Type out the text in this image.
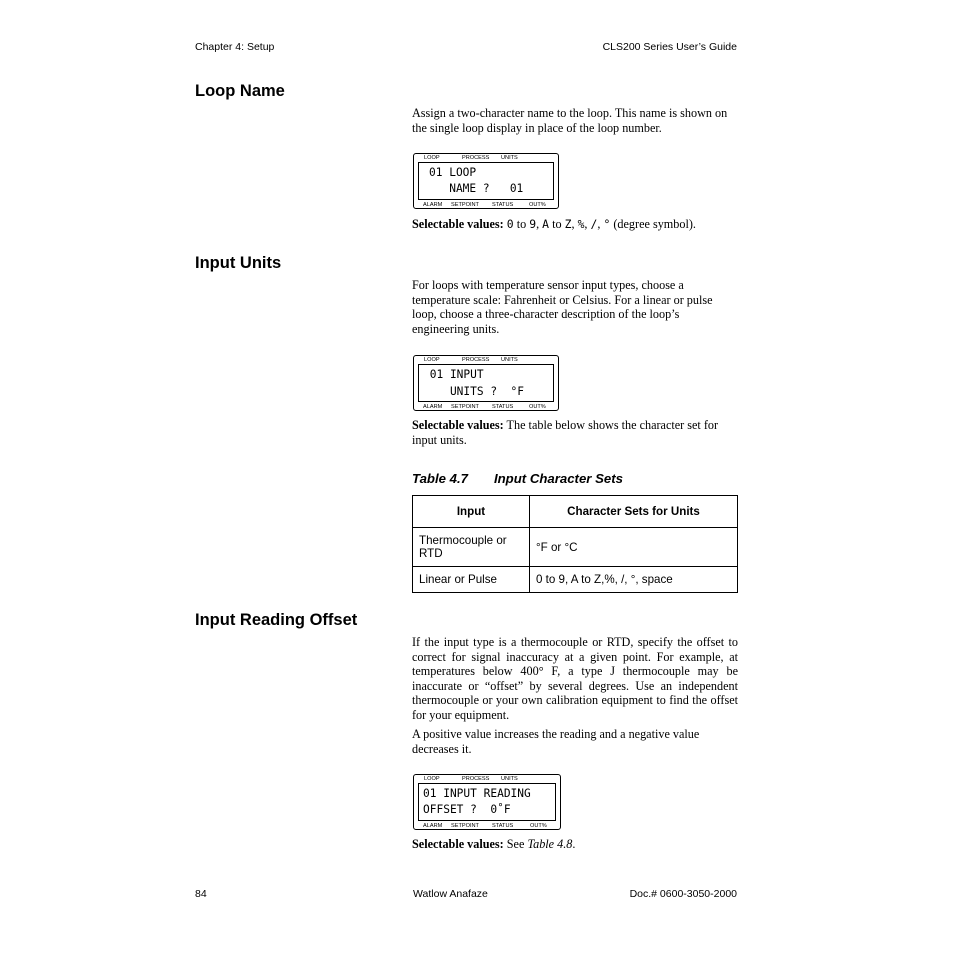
Chapter 4: Setup	CLS200 Series User’s Guide
Loop Name
Assign a two-character name to the loop. This name is shown on the single loop display in place of the loop number.
LOOP	PROCESS UNITS
01 LOOP
NAME ?   01
ALARM SETPOINT STATUS	OUT%
Selectable values: 0 to 9, A to Z, %, /, ° (degree symbol).
Input Units
For loops with temperature sensor input types, choose a temperature scale: Fahrenheit or Celsius. For a linear or pulse loop, choose a three-character description of the loop’s engineering units.
LOOP	PROCESS UNITS
01 INPUT
UNITS ?  °F
ALARM SETPOINT STATUS	OUT%
Selectable values: The table below shows the character set for input units.
Table 4.7 Input Character Sets
Input	Character Sets for Units
Thermocouple or RTD	°F or °C
Linear or Pulse	0 to 9, A to Z,%, /, °, space
Input Reading Offset
If the input type is a thermocouple or RTD, specify the offset to correct for signal inaccuracy at a given point. For example, at temperatures below 400° F, a type J thermocouple may be inaccurate or “offset” by several degrees. Use an independent thermocouple or your own calibration equipment to find the offset for your equipment.
A positive value increases the reading and a negative value decreases it.
LOOP	PROCESS UNITS
01 INPUT READING
OFFSET ?  0˚F
ALARM SETPOINT STATUS	OUT%
Selectable values: See Table 4.8.
84	Watlow Anafaze	Doc.# 0600-3050-2000
